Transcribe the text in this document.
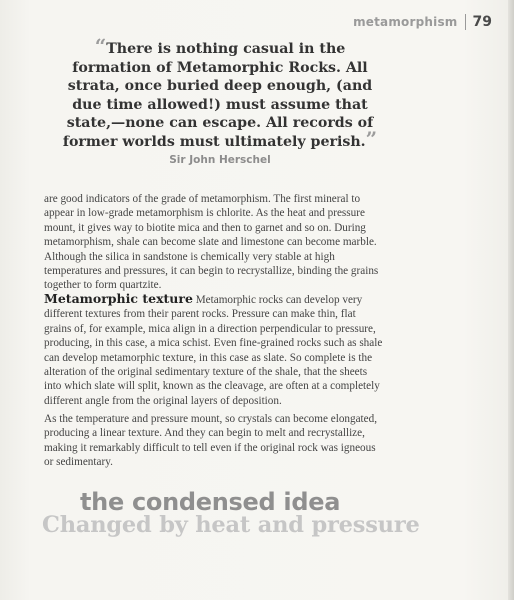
metamorphism 79
“There is nothing casual in the formation of Metamorphic Rocks. All strata, once buried deep enough, (and due time allowed!) must assume that state,—none can escape. All records of former worlds must ultimately perish.”
Sir John Herschel

are good indicators of the grade of metamorphism. The first mineral to appear in low-grade metamorphism is chlorite. As the heat and pressure mount, it gives way to biotite mica and then to garnet and so on. During metamorphism, shale can become slate and limestone can become marble. Although the silica in sandstone is chemically very stable at high temperatures and pressures, it can begin to recrystallize, binding the grains together to form quartzite.

Metamorphic texture Metamorphic rocks can develop very different textures from their parent rocks. Pressure can make thin, flat grains of, for example, mica align in a direction perpendicular to pressure, producing, in this case, a mica schist. Even fine-grained rocks such as shale can develop metamorphic texture, in this case as slate. So complete is the alteration of the original sedimentary texture of the shale, that the sheets into which slate will split, known as the cleavage, are often at a completely different angle from the original layers of deposition.

As the temperature and pressure mount, so crystals can become elongated, producing a linear texture. And they can begin to melt and recrystallize, making it remarkably difficult to tell even if the original rock was igneous or sedimentary.

the condensed idea
Changed by heat and pressure
